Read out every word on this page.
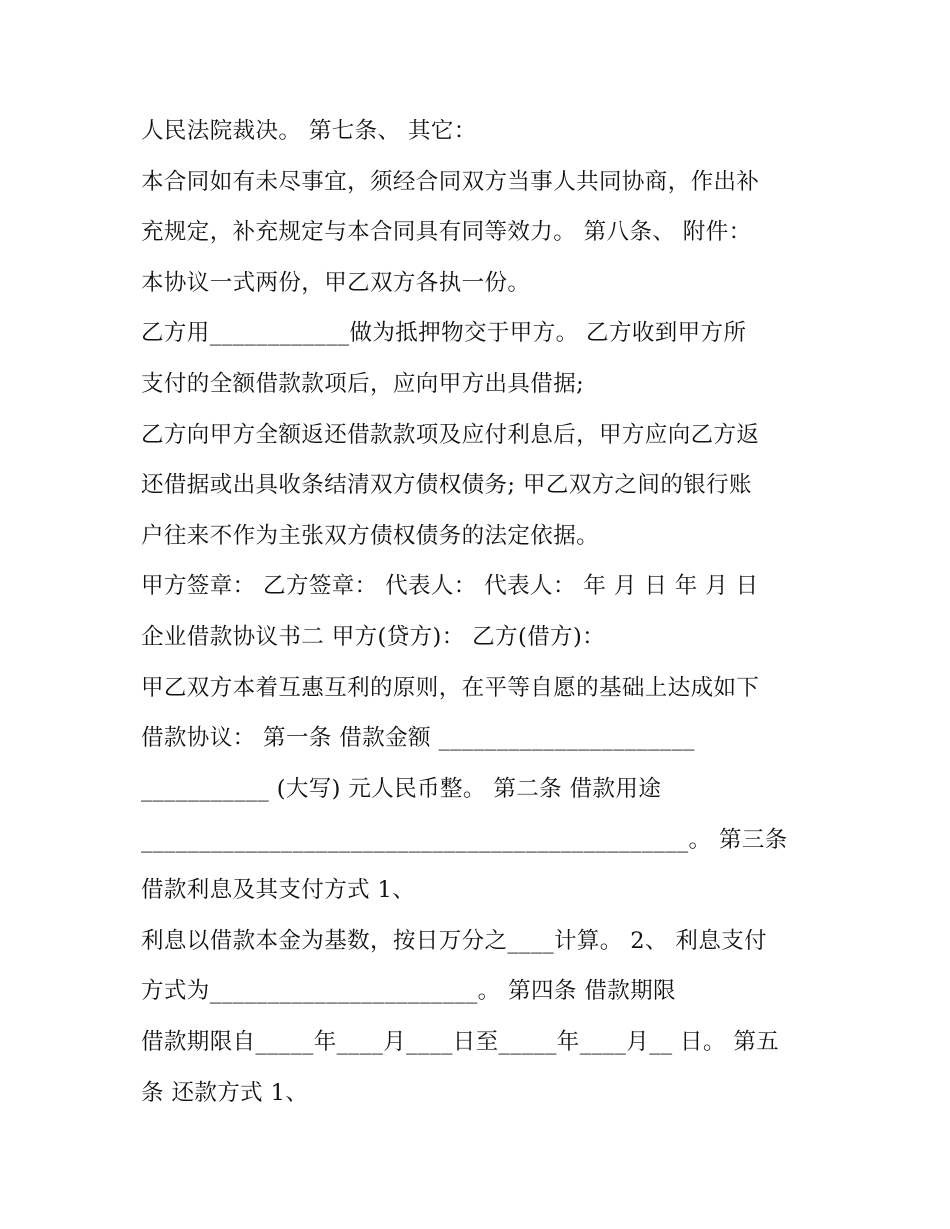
人民法院裁决。 第七条、 其它：
本合同如有未尽事宜，须经合同双方当事人共同协商，作出补
充规定，补充规定与本合同具有同等效力。 第八条、 附件：
本协议一式两份，甲乙双方各执一份。
乙方用____________做为抵押物交于甲方。 乙方收到甲方所
支付的全额借款款项后，应向甲方出具借据;
乙方向甲方全额返还借款款项及应付利息后，甲方应向乙方返
还借据或出具收条结清双方债权债务; 甲乙双方之间的银行账
户往来不作为主张双方债权债务的法定依据。
甲方签章： 乙方签章： 代表人： 代表人： 年 月 日 年 月 日
企业借款协议书二 甲方(贷方)： 乙方(借方)：
甲乙双方本着互惠互利的原则，在平等自愿的基础上达成如下
借款协议： 第一条 借款金额 ______________________
___________ (大写) 元人民币整。 第二条 借款用途
_______________________________________________。 第三条
借款利息及其支付方式 1、
利息以借款本金为基数，按日万分之____计算。 2、 利息支付
方式为_______________________。 第四条 借款期限
借款期限自_____年____月____日至_____年____月__ 日。 第五
条 还款方式 1、
